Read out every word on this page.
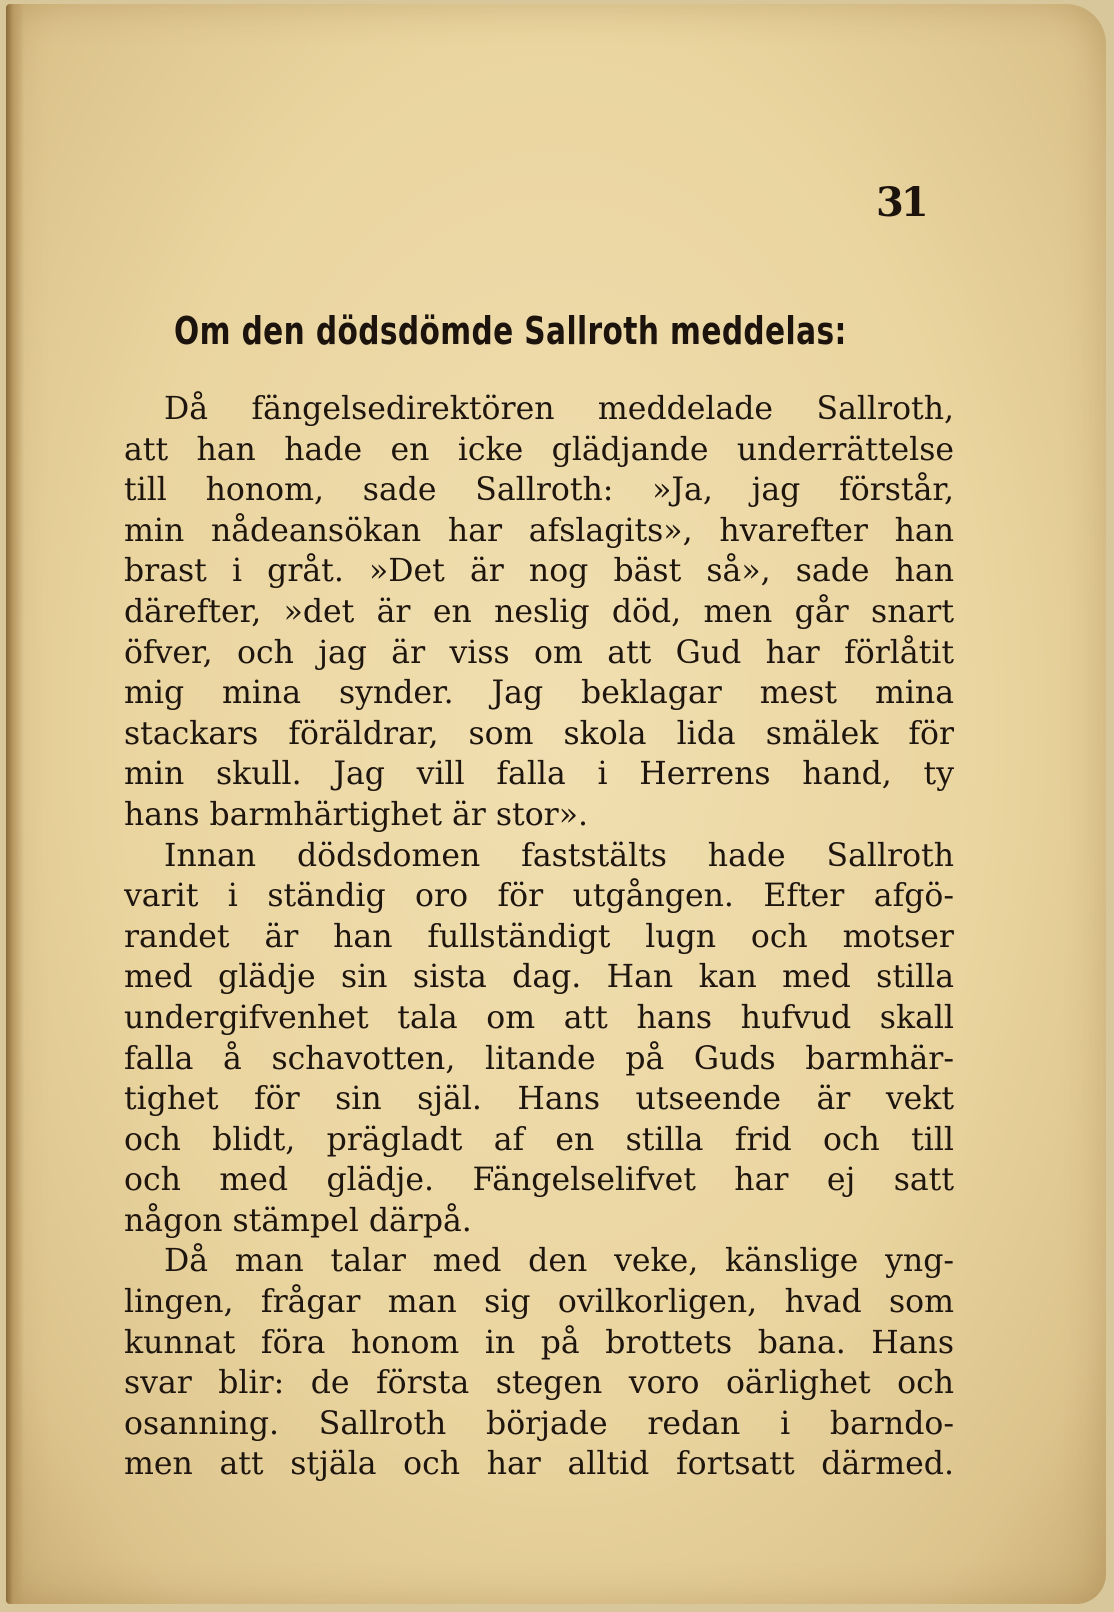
31
Om den dödsdömde Sallroth meddelas:
Då fängelsedirektören meddelade Sallroth,
att han hade en icke glädjande underrättelse
till honom, sade Sallroth: »Ja, jag förstår,
min nådeansökan har afslagits», hvarefter han
brast i gråt. »Det är nog bäst så», sade han
därefter, »det är en neslig död, men går snart
öfver, och jag är viss om att Gud har förlåtit
mig mina synder. Jag beklagar mest mina
stackars föräldrar, som skola lida smälek för
min skull. Jag vill falla i Herrens hand, ty
hans barmhärtighet är stor».
Innan dödsdomen faststälts hade Sallroth
varit i ständig oro för utgången. Efter afgö-
randet är han fullständigt lugn och motser
med glädje sin sista dag. Han kan med stilla
undergifvenhet tala om att hans hufvud skall
falla å schavotten, litande på Guds barmhär-
tighet för sin själ. Hans utseende är vekt
och blidt, prägladt af en stilla frid och till
och med glädje. Fängelselifvet har ej satt
någon stämpel därpå.
Då man talar med den veke, känslige yng-
lingen, frågar man sig ovilkorligen, hvad som
kunnat föra honom in på brottets bana. Hans
svar blir: de första stegen voro oärlighet och
osanning. Sallroth började redan i barndo-
men att stjäla och har alltid fortsatt därmed.
